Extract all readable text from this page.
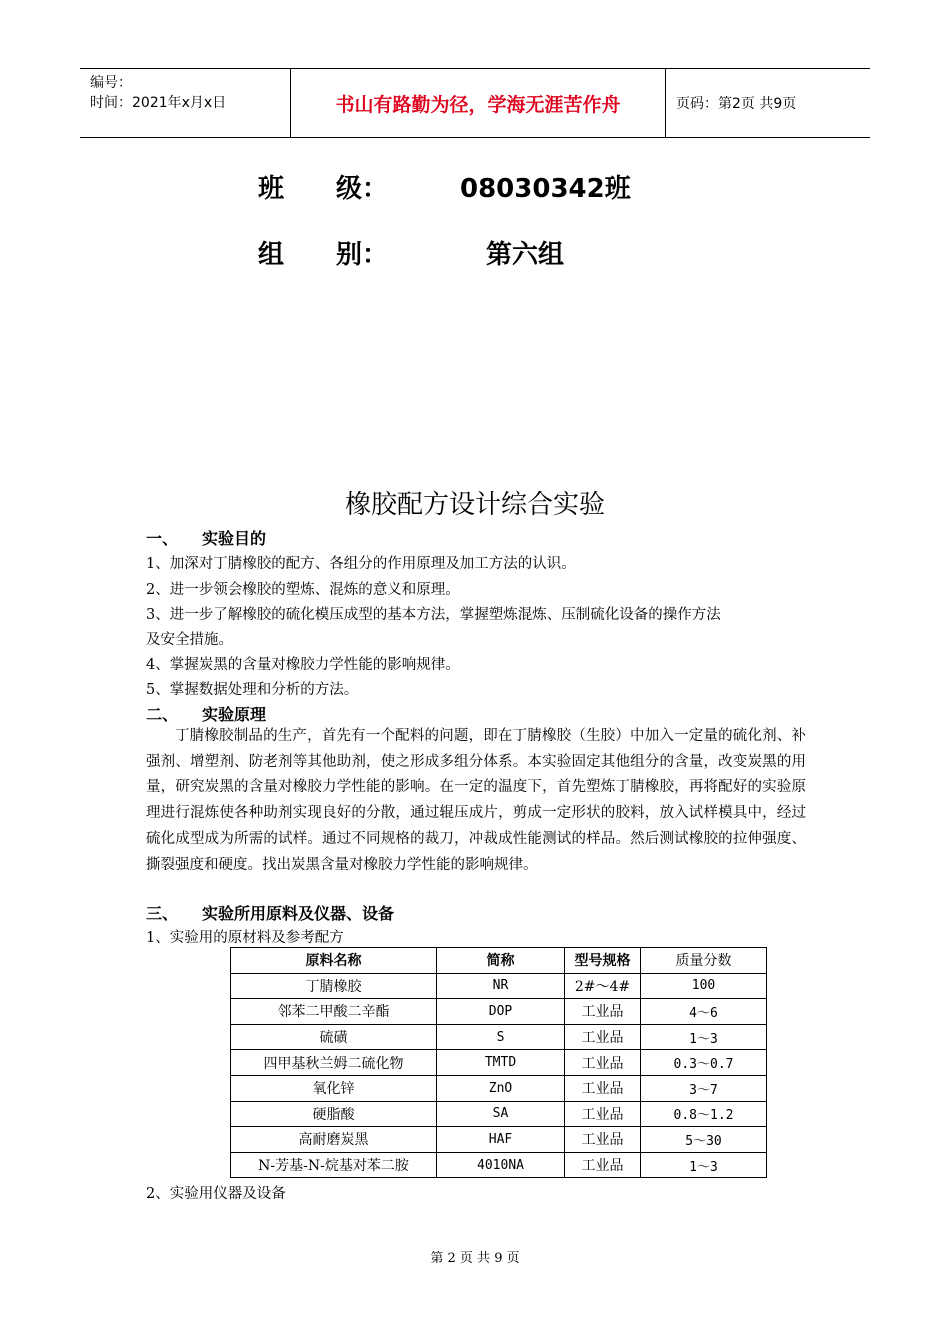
编号：
时间：2021年x月x日	书山有路勤为径，学海无涯苦作舟	页码：第2页 共9页
班　　级：	08030342班
组　　别：	第六组
橡胶配方设计综合实验
一、 实验目的
1、加深对丁腈橡胶的配方、各组分的作用原理及加工方法的认识。
2、进一步领会橡胶的塑炼、混炼的意义和原理。
3、进一步了解橡胶的硫化模压成型的基本方法，掌握塑炼混炼、压制硫化设备的操作方法
及安全措施。
4、掌握炭黑的含量对橡胶力学性能的影响规律。
5、掌握数据处理和分析的方法。
二、 实验原理
丁腈橡胶制品的生产，首先有一个配料的问题，即在丁腈橡胶（生胶）中加入一定量的硫化剂、补强剂、增塑剂、防老剂等其他助剂，使之形成多组分体系。本实验固定其他组分的含量，改变炭黑的用量，研究炭黑的含量对橡胶力学性能的影响。在一定的温度下，首先塑炼丁腈橡胶，再将配好的实验原理进行混炼使各种助剂实现良好的分散，通过辊压成片，剪成一定形状的胶料，放入试样模具中，经过硫化成型成为所需的试样。通过不同规格的裁刀，冲裁成性能测试的样品。然后测试橡胶的拉伸强度、撕裂强度和硬度。找出炭黑含量对橡胶力学性能的影响规律。
三、 实验所用原料及仪器、设备
1、实验用的原材料及参考配方
原料名称	简称	型号规格	质量分数
丁腈橡胶	NR	2#～4#	100
邻苯二甲酸二辛酯	DOP	工业品	4～6
硫磺	S	工业品	1～3
四甲基秋兰姆二硫化物	TMTD	工业品	0.3～0.7
氧化锌	ZnO	工业品	3～7
硬脂酸	SA	工业品	0.8～1.2
高耐磨炭黑	HAF	工业品	5～30
N-芳基-N-烷基对苯二胺	4010NA	工业品	1～3
2、实验用仪器及设备
第 2 页 共 9 页
